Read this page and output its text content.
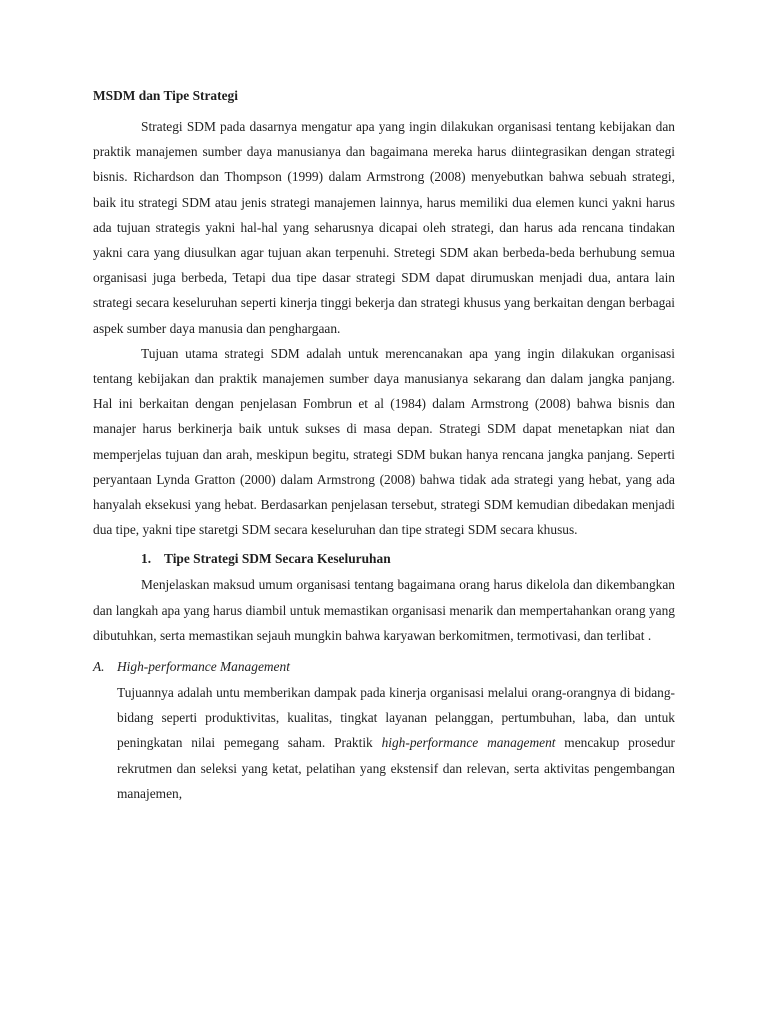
MSDM dan Tipe Strategi

Strategi SDM pada dasarnya mengatur apa yang ingin dilakukan organisasi tentang kebijakan dan praktik manajemen sumber daya manusianya dan bagaimana mereka harus diintegrasikan dengan strategi bisnis. Richardson dan Thompson (1999) dalam Armstrong (2008) menyebutkan bahwa sebuah strategi, baik itu strategi SDM atau jenis strategi manajemen lainnya, harus memiliki dua elemen kunci yakni harus ada tujuan strategis yakni hal-hal yang seharusnya dicapai oleh strategi, dan harus ada rencana tindakan yakni cara yang diusulkan agar tujuan akan terpenuhi. Stretegi SDM akan berbeda-beda berhubung semua organisasi juga berbeda, Tetapi dua tipe dasar strategi SDM dapat dirumuskan menjadi dua, antara lain strategi secara keseluruhan seperti kinerja tinggi bekerja dan strategi khusus yang berkaitan dengan berbagai aspek sumber daya manusia dan penghargaan.

Tujuan utama strategi SDM adalah untuk merencanakan apa yang ingin dilakukan organisasi tentang kebijakan dan praktik manajemen sumber daya manusianya sekarang dan dalam jangka panjang. Hal ini berkaitan dengan penjelasan Fombrun et al (1984) dalam Armstrong (2008) bahwa bisnis dan manajer harus berkinerja baik untuk sukses di masa depan. Strategi SDM dapat menetapkan niat dan memperjelas tujuan dan arah, meskipun begitu, strategi SDM bukan hanya rencana jangka panjang. Seperti peryantaan Lynda Gratton (2000) dalam Armstrong (2008) bahwa tidak ada strategi yang hebat, yang ada hanyalah eksekusi yang hebat. Berdasarkan penjelasan tersebut, strategi SDM kemudian dibedakan menjadi dua tipe, yakni tipe staretgi SDM secara keseluruhan dan tipe strategi SDM secara khusus.

1. Tipe Strategi SDM Secara Keseluruhan

Menjelaskan maksud umum organisasi tentang bagaimana orang harus dikelola dan dikembangkan dan langkah apa yang harus diambil untuk memastikan organisasi menarik dan mempertahankan orang yang dibutuhkan, serta memastikan sejauh mungkin bahwa karyawan berkomitmen, termotivasi, dan terlibat .

A. High-performance Management

Tujuannya adalah untu memberikan dampak pada kinerja organisasi melalui orang-orangnya di bidang-bidang seperti produktivitas, kualitas, tingkat layanan pelanggan, pertumbuhan, laba, dan untuk peningkatan nilai pemegang saham. Praktik high-performance management mencakup prosedur rekrutmen dan seleksi yang ketat, pelatihan yang ekstensif dan relevan, serta aktivitas pengembangan manajemen,
